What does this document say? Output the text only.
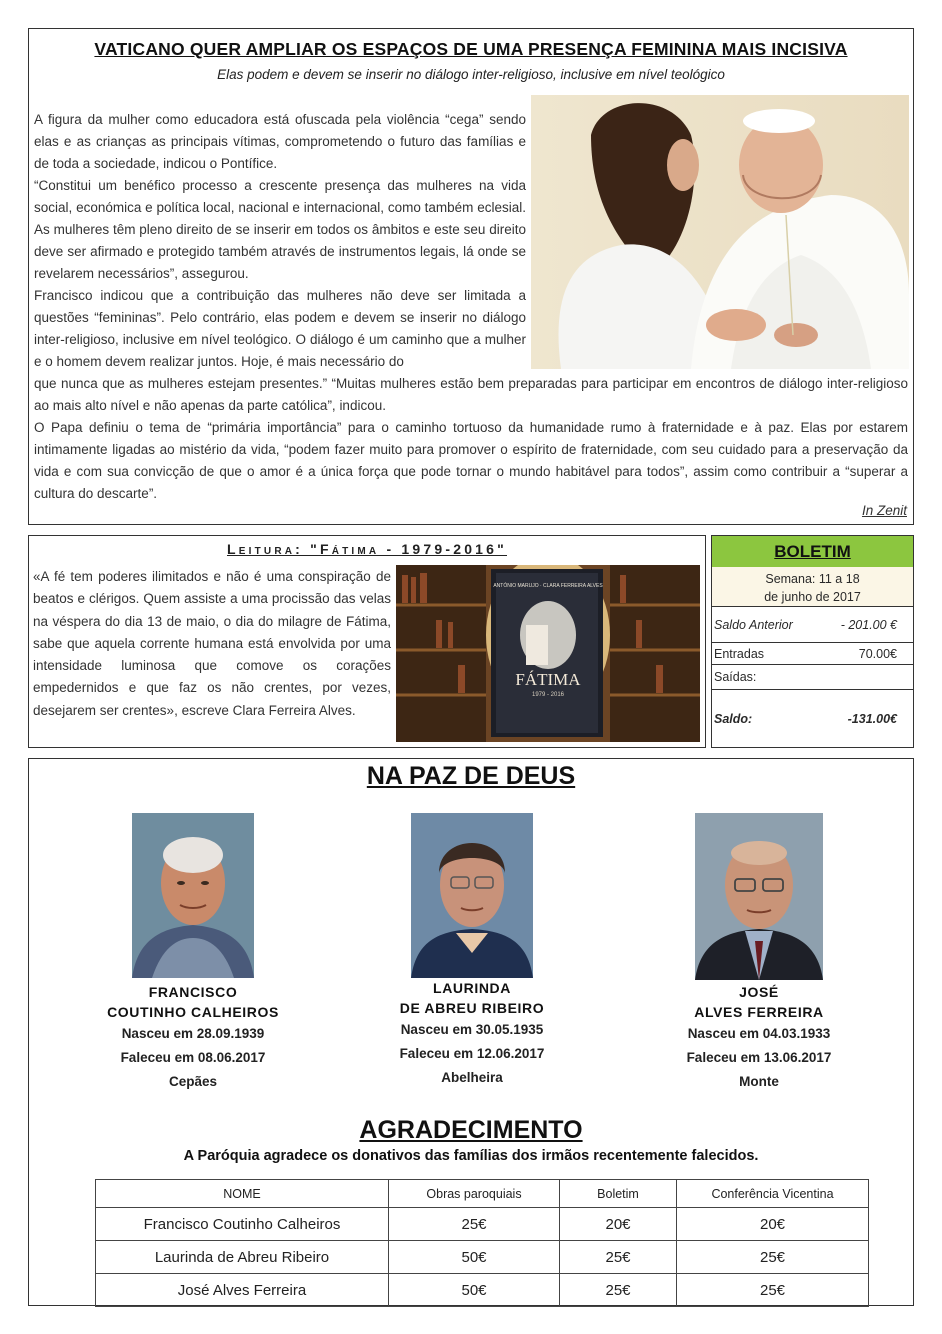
VATICANO QUER AMPLIAR OS ESPAÇOS DE UMA PRESENÇA FEMININA MAIS INCISIVA
Elas podem e devem se inserir no diálogo inter-religioso, inclusive em nível teológico

A figura da mulher como educadora está ofuscada pela violência “cega” sendo elas e as crianças as principais vítimas, comprometendo o futuro das famílias e de toda a sociedade, indicou o Pontífice.

“Constitui um benéfico processo a crescente presença das mulheres na vida social, económica e política local, nacional e internacional, como também eclesial. As mulheres têm pleno direito de se inserir em todos os âmbitos e este seu direito deve ser afirmado e protegido também através de instrumentos legais, lá onde se revelarem necessários”, assegurou.

Francisco indicou que a contribuição das mulheres não deve ser limitada a questões “femininas”. Pelo contrário, elas podem e devem se inserir no diálogo inter-religioso, inclusive em nível teológico. O diálogo é um caminho que a mulher e o homem devem realizar juntos. Hoje, é mais necessário do

que nunca que as mulheres estejam presentes.” “Muitas mulheres estão bem preparadas para participar em encontros de diálogo inter-religioso ao mais alto nível e não apenas da parte católica”, indicou.

O Papa definiu o tema de “primária importância” para o caminho tortuoso da humanidade rumo à fraternidade e à paz. Elas por estarem intimamente ligadas ao mistério da vida, “podem fazer muito para promover o espírito de fraternidade, com seu cuidado para a preservação da vida e com sua convicção de que o amor é a única força que pode tornar o mundo habitável para todos”, assim como contribuir a “superar a cultura do descarte”.

In Zenit
Leitura: "Fátima - 1979-2016"
«A fé tem poderes ilimitados e não é uma conspiração de beatos e clérigos. Quem assiste a uma procissão das velas na véspera do dia 13 de maio, o dia do milagre de Fátima, sabe que aquela corrente humana está envolvida por uma intensidade luminosa que comove os corações empedernidos e que faz os não crentes, por vezes, desejarem ser crentes», escreve Clara Ferreira Alves.
ANTÓNIO MARUJO · CLARA FERREIRA ALVES
FÁTIMA
1979 - 2016
BOLETIM
Semana: 11 a 18
de junho de 2017
Saldo Anterior	- 201.00 €
Entradas	70.00€
Saídas:
Saldo:	-131.00€
NA PAZ DE DEUS
FRANCISCO
COUTINHO CALHEIROS
Nasceu em 28.09.1939
Faleceu em 08.06.2017
Cepães
LAURINDA
DE ABREU RIBEIRO
Nasceu em 30.05.1935
Faleceu em 12.06.2017
Abelheira
JOSÉ
ALVES FERREIRA
Nasceu em 04.03.1933
Faleceu em 13.06.2017
Monte
AGRADECIMENTO
A Paróquia agradece os donativos das famílias dos irmãos recentemente falecidos.
NOME	Obras paroquiais	Boletim	Conferência Vicentina
Francisco Coutinho Calheiros	25€	20€	20€
Laurinda de Abreu Ribeiro	50€	25€	25€
José Alves Ferreira	50€	25€	25€
